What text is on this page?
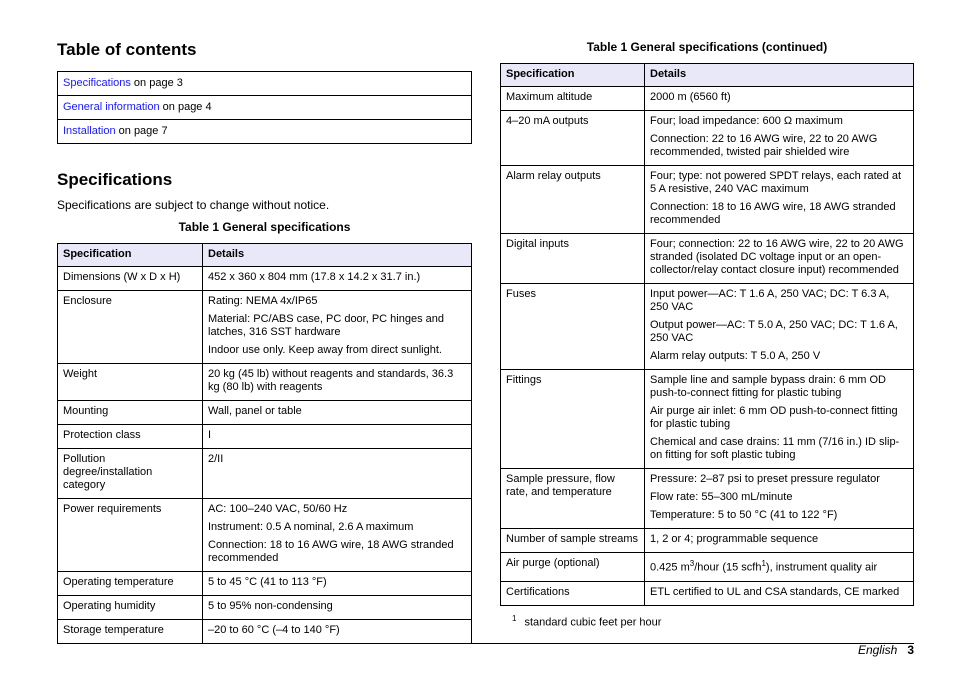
Table of contents
Specifications on page 3
General information on page 4
Installation on page 7
Specifications

Specifications are subject to change without notice.

Table 1 General specifications
Specification	Details
Dimensions (W x D x H)	452 x 360 x 804 mm (17.8 x 14.2 x 31.7 in.)

Enclosure	Rating: NEMA 4x/IP65

Material: PC/ABS case, PC door, PC hinges and latches, 316 SST hardware

Indoor use only. Keep away from direct sunlight.

Weight	20 kg (45 lb) without reagents and standards, 36.3 kg (80 lb) with reagents

Mounting	Wall, panel or table

Protection class	I

Pollution degree/installation category	2/II

Power requirements	AC: 100–240 VAC, 50/60 Hz

Instrument: 0.5 A nominal, 2.6 A maximum

Connection: 18 to 16 AWG wire, 18 AWG stranded recommended

Operating temperature	5 to 45 °C (41 to 113 °F)

Operating humidity	5 to 95% non-condensing

Storage temperature	–20 to 60 °C (–4 to 140 °F)

Table 1 General specifications (continued)
Specification	Details
Maximum altitude	2000 m (6560 ft)

4–20 mA outputs	Four; load impedance: 600 Ω maximum

Connection: 22 to 16 AWG wire, 22 to 20 AWG recommended, twisted pair shielded wire

Alarm relay outputs	Four; type: not powered SPDT relays, each rated at 5 A resistive, 240 VAC maximum

Connection: 18 to 16 AWG wire, 18 AWG stranded recommended

Digital inputs	Four; connection: 22 to 16 AWG wire, 22 to 20 AWG stranded (isolated DC voltage input or an open-collector/relay contact closure input) recommended

Fuses	Input power—AC: T 1.6 A, 250 VAC; DC: T 6.3 A, 250 VAC

Output power—AC: T 5.0 A, 250 VAC; DC: T 1.6 A, 250 VAC

Alarm relay outputs: T 5.0 A, 250 V

Fittings	Sample line and sample bypass drain: 6 mm OD push-to-connect fitting for plastic tubing

Air purge air inlet: 6 mm OD push-to-connect fitting for plastic tubing

Chemical and case drains: 11 mm (7/16 in.) ID slip-on fitting for soft plastic tubing

Sample pressure, flow rate, and temperature	Pressure: 2–87 psi to preset pressure regulator

Flow rate: 55–300 mL/minute

Temperature: 5 to 50 °C (41 to 122 °F)

Number of sample streams	1, 2 or 4; programmable sequence

Air purge (optional)	0.425 $m^3$/hour (15 scfh$^1$), instrument quality air

Certifications	ETL certified to UL and CSA standards, CE marked

$^1$ standard cubic feet per hour
English 3
